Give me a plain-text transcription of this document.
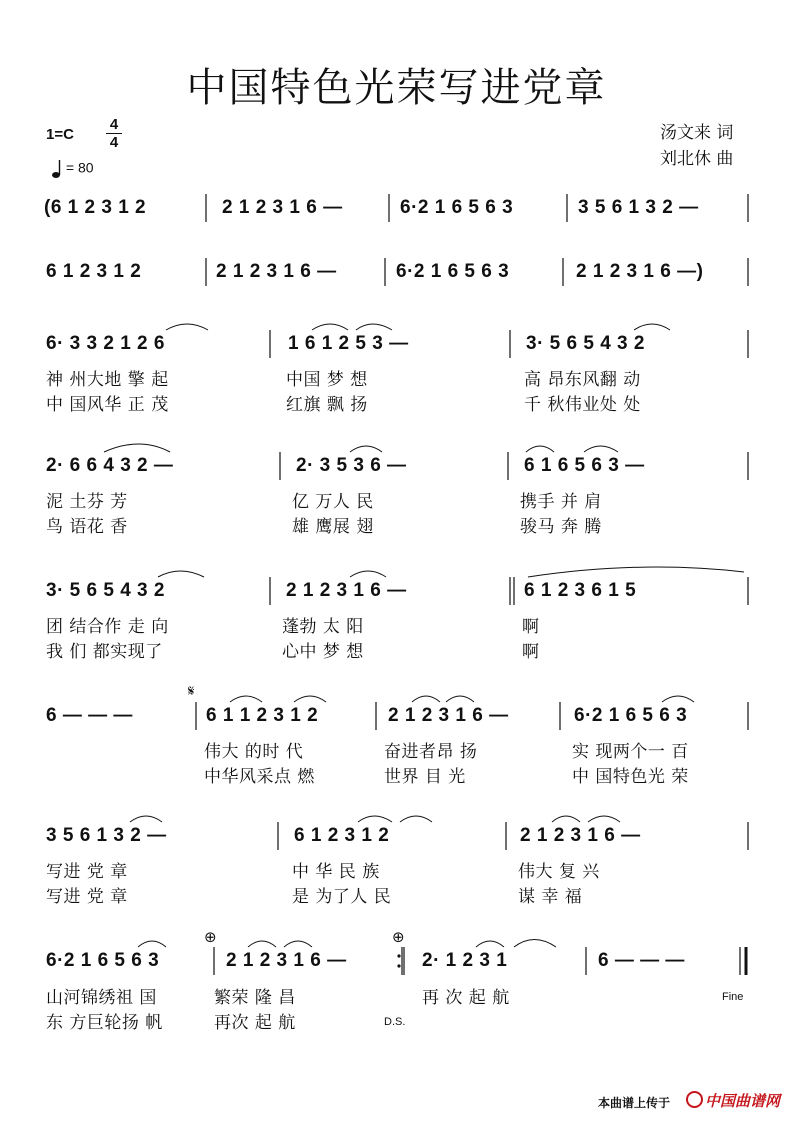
中国特色光荣写进党章
1=C
4
4
= 80
汤文来 词
刘北休 曲
(6 1 2 3 1 2	2 1 2 3 1 6 —	6·2 1 6 5 6 3	3 5 6 1 3 2 —
6 1 2 3 1 2	2 1 2 3 1 6 —	6·2 1 6 5 6 3	2 1 2 3 1 6 —)
6· 3 3 2 1 2 6	1 6 1 2 5 3 —	3· 5 6 5 4 3 2
神 州大地 擎 起	中国 梦 想	高 昂东风翻 动
中 国风华 正 茂	红旗 飘 扬	千 秋伟业处 处
2· 6 6 4 3 2 —	2· 3 5 3 6 —	6 1 6 5 6 3 —
泥 土芬 芳	亿 万人 民	携手 并 肩
鸟 语花 香	雄 鹰展 翅	骏马 奔 腾
3· 5 6 5 4 3 2	2 1 2 3 1 6 —	6 1 2 3 6 1 5
团 结合作 走 向	蓬勃 太 阳	啊
我 们 都实现了	心中 梦 想	啊
𝄋
6 — — —	6 1 1 2 3 1 2	2 1 2 3 1 6 —	6·2 1 6 5 6 3
伟大 的时 代	奋进者昂 扬	实 现两个一 百
中华风采点 燃	世界 目 光	中 国特色光 荣
3 5 6 1 3 2 —	6 1 2 3 1 2	2 1 2 3 1 6 —
写进 党 章	中 华 民 族	伟大 复 兴
写进 党 章	是 为了人 民	谋 幸 福
⊕	⊕
6·2 1 6 5 6 3	2 1 2 3 1 6 —	2· 1 2 3 1	6 — — —
山河锦绣祖 国	繁荣 隆 昌	再 次 起 航
东 方巨轮扬 帆	再次 起 航	D.S.
Fine
本曲谱上传于	中国曲谱网
